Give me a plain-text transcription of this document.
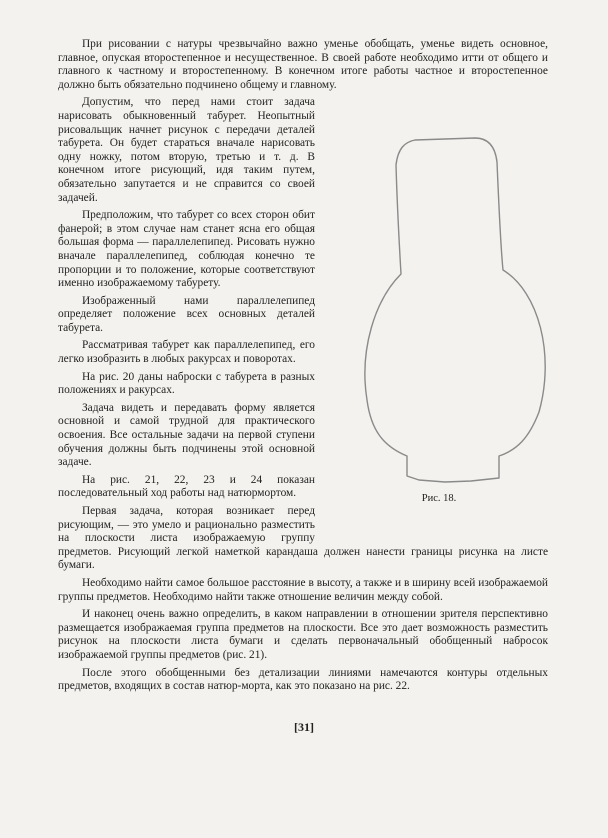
При рисовании с натуры чрезвычайно важно уменье обобщать, уменье видеть основное, главное, опуская второстепенное и несущественное. В своей работе необходимо итти от общего и главного к частному и второстепенному. В конечном итоге работы частное и второстепенное должно быть обязательно подчинено общему и главному.

Рис. 18.

Допустим, что перед нами стоит задача нарисовать обыкновенный табурет. Неопытный рисовальщик начнет рисунок с передачи деталей табурета. Он будет стараться вначале нарисовать одну ножку, потом вторую, третью и т. д. В конечном итоге рисующий, идя таким путем, обязательно запутается и не справится со своей задачей.

Предположим, что табурет со всех сторон обит фанерой; в этом случае нам станет ясна его общая большая форма — параллелепипед. Рисовать нужно вначале параллелепипед, соблюдая конечно те пропорции и то положение, которые соответствуют именно изображаемому табурету.

Изображенный нами параллелепипед определяет положение всех основных деталей табурета.

Рассматривая табурет как параллелепипед, его легко изобразить в любых ракурсах и поворотах.

На рис. 20 даны наброски с табурета в разных положениях и ракурсах.

Задача видеть и передавать форму является основной и самой трудной для практического освоения. Все остальные задачи на первой ступени обучения должны быть подчинены этой основной задаче.

На рис. 21, 22, 23 и 24 показан последовательный ход работы над натюрмортом.

Первая задача, которая возникает перед рисующим, — это умело и рационально разместить на плоскости листа изображаемую группу предметов. Рисующий легкой наметкой карандаша должен нанести границы рисунка на листе бумаги.

Необходимо найти самое большое расстояние в высоту, а также и в ширину всей изображаемой группы предметов. Необходимо найти также отношение величин между собой.

И наконец очень важно определить, в каком направлении в отношении зрителя перспективно размещается изображаемая группа предметов на плоскости. Все это дает возможность разместить рисунок на плоскости листа бумаги и сделать первоначальный обобщенный набросок изображаемой группы предметов (рис. 21).

После этого обобщенными без детализации линиями намечаются контуры отдельных предметов, входящих в состав натюр-морта, как это показано на рис. 22.

[31]
